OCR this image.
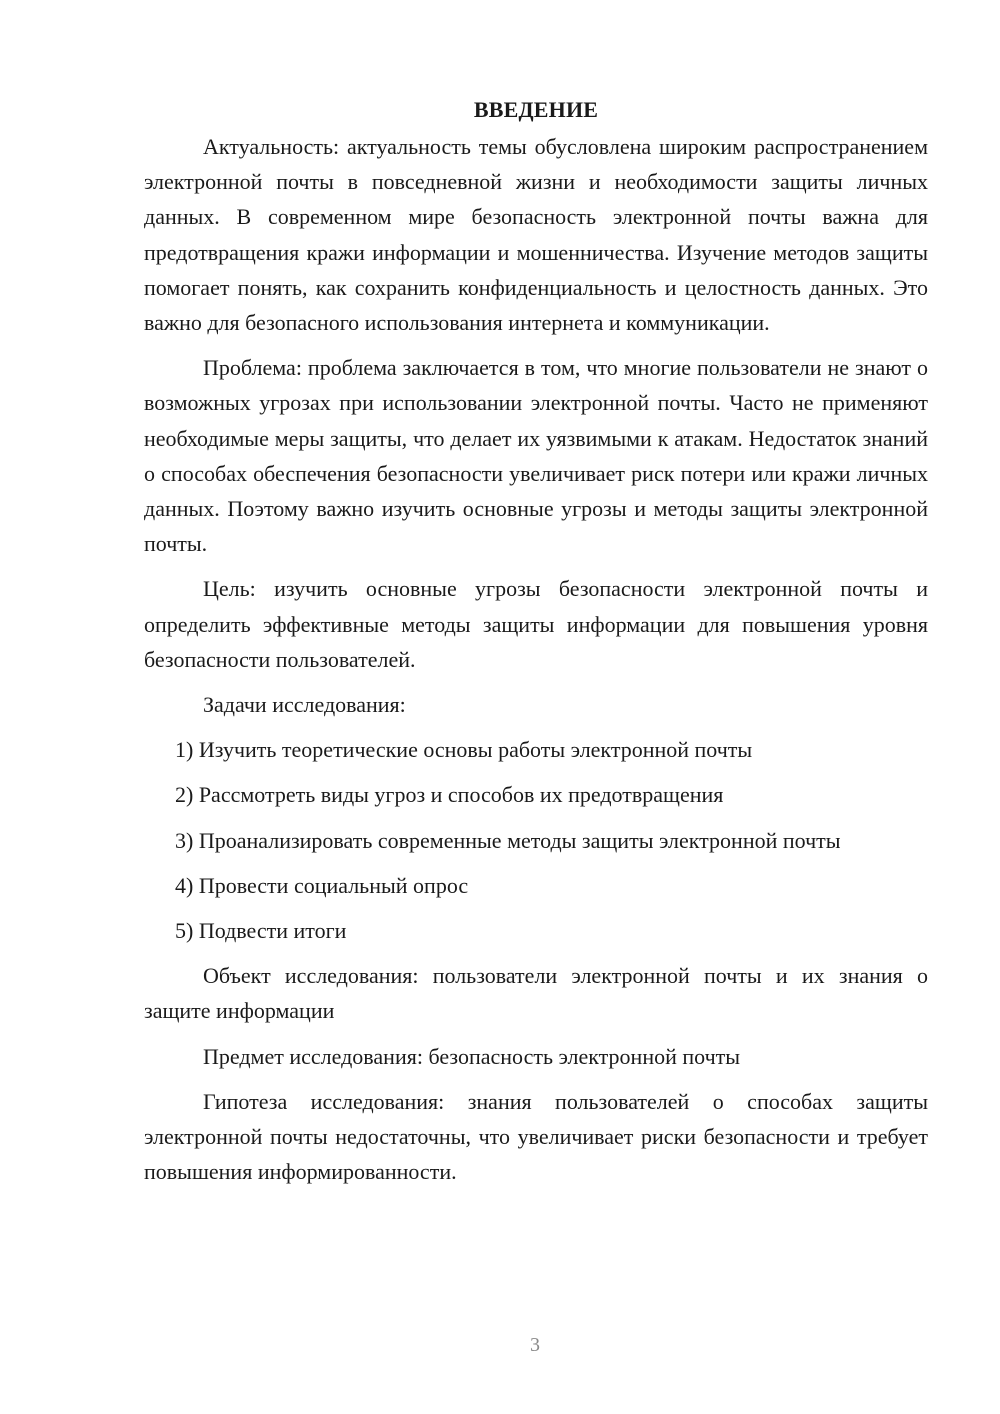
ВВЕДЕНИЕ

Актуальность: актуальность темы обусловлена широким распространением электронной почты в повседневной жизни и необходимости защиты личных данных. В современном мире безопасность электронной почты важна для предотвращения кражи информации и мошенничества. Изучение методов защиты помогает понять, как сохранить конфиденциальность и целостность данных. Это важно для безопасного использования интернета и коммуникации.

Проблема: проблема заключается в том, что многие пользователи не знают о возможных угрозах при использовании электронной почты. Часто не применяют необходимые меры защиты, что делает их уязвимыми к атакам. Недостаток знаний о способах обеспечения безопасности увеличивает риск потери или кражи личных данных. Поэтому важно изучить основные угрозы и методы защиты электронной почты.

Цель: изучить основные угрозы безопасности электронной почты и определить эффективные методы защиты информации для повышения уровня безопасности пользователей.

Задачи исследования:

1) Изучить теоретические основы работы электронной почты

2) Рассмотреть виды угроз и способов их предотвращения

3) Проанализировать современные методы защиты электронной почты

4) Провести социальный опрос

5) Подвести итоги

Объект исследования: пользователи электронной почты и их знания о защите информации

Предмет исследования: безопасность электронной почты

Гипотеза исследования: знания пользователей о способах защиты электронной почты недостаточны, что увеличивает риски безопасности и требует повышения информированности.

3
